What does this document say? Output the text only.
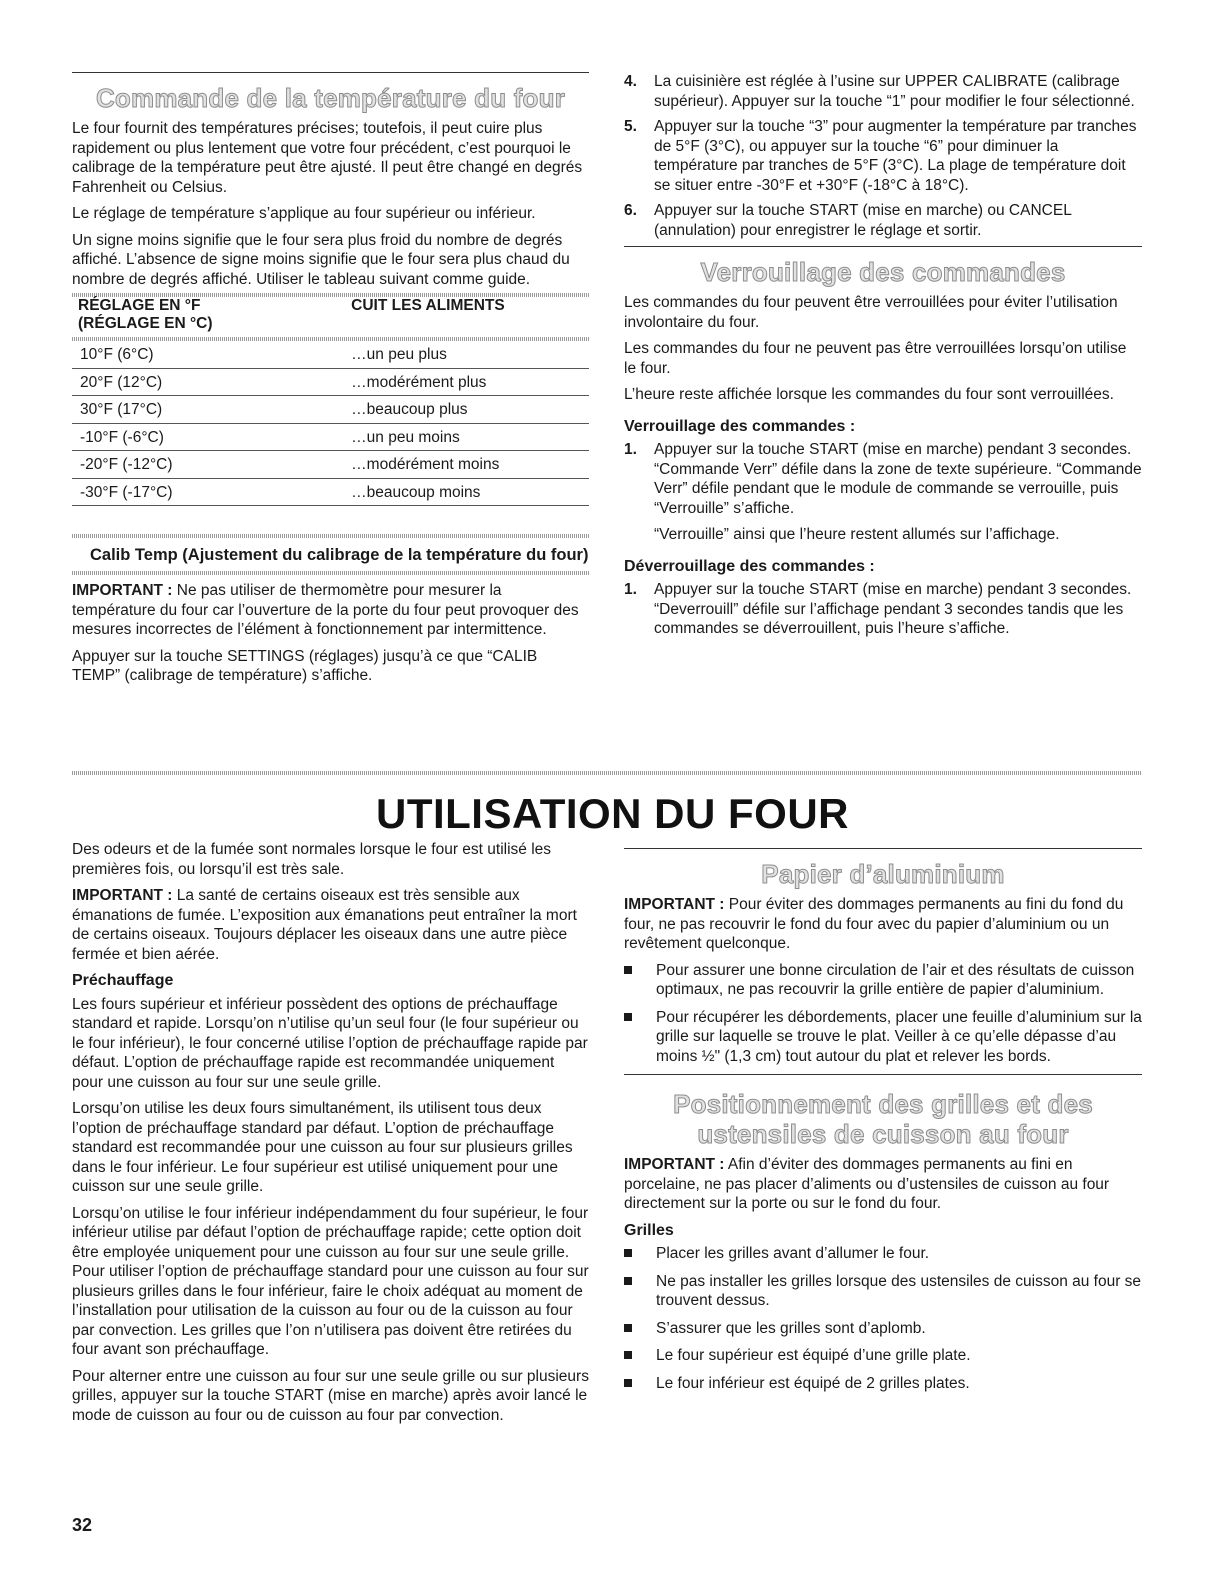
Commande de la température du four

Le four fournit des températures précises; toutefois, il peut cuire plus rapidement ou plus lentement que votre four précédent, c’est pourquoi le calibrage de la température peut être ajusté. Il peut être changé en degrés Fahrenheit ou Celsius.

Le réglage de température s’applique au four supérieur ou inférieur.

Un signe moins signifie que le four sera plus froid du nombre de degrés affiché. L’absence de signe moins signifie que le four sera plus chaud du nombre de degrés affiché. Utiliser le tableau suivant comme guide.

RÉGLAGE EN °F
(RÉGLAGE EN °C)	CUIT LES ALIMENTS
10°F (6°C)	…un peu plus
20°F (12°C)	…modérément plus
30°F (17°C)	…beaucoup plus
-10°F (-6°C)	…un peu moins
-20°F (-12°C)	…modérément moins
-30°F (-17°C)	…beaucoup moins
Calib Temp (Ajustement du calibrage de la température du four)

IMPORTANT : Ne pas utiliser de thermomètre pour mesurer la température du four car l’ouverture de la porte du four peut provoquer des mesures incorrectes de l’élément à fonctionnement par intermittence.

Appuyer sur la touche SETTINGS (réglages) jusqu’à ce que “CALIB TEMP” (calibrage de température) s’affiche.

4. La cuisinière est réglée à l’usine sur UPPER CALIBRATE (calibrage supérieur). Appuyer sur la touche “1” pour modifier le four sélectionné.
5. Appuyer sur la touche “3” pour augmenter la température par tranches de 5°F (3°C), ou appuyer sur la touche “6” pour diminuer la température par tranches de 5°F (3°C). La plage de température doit se situer entre -30°F et +30°F (-18°C à 18°C).
6. Appuyer sur la touche START (mise en marche) ou CANCEL (annulation) pour enregistrer le réglage et sortir.
Verrouillage des commandes

Les commandes du four peuvent être verrouillées pour éviter l’utilisation involontaire du four.

Les commandes du four ne peuvent pas être verrouillées lorsqu’on utilise le four.

L’heure reste affichée lorsque les commandes du four sont verrouillées.

Verrouillage des commandes :
1. Appuyer sur la touche START (mise en marche) pendant 3 secondes. “Commande Verr” défile dans la zone de texte supérieure. “Commande Verr” défile pendant que le module de commande se verrouille, puis “Verrouille” s’affiche.
“Verrouille” ainsi que l’heure restent allumés sur l’affichage.
Déverrouillage des commandes :
1. Appuyer sur la touche START (mise en marche) pendant 3 secondes.
“Deverrouill” défile sur l’affichage pendant 3 secondes tandis que les commandes se déverrouillent, puis l’heure s’affiche.
UTILISATION DU FOUR

Des odeurs et de la fumée sont normales lorsque le four est utilisé les premières fois, ou lorsqu’il est très sale.

IMPORTANT : La santé de certains oiseaux est très sensible aux émanations de fumée. L’exposition aux émanations peut entraîner la mort de certains oiseaux. Toujours déplacer les oiseaux dans une autre pièce fermée et bien aérée.

Préchauffage

Les fours supérieur et inférieur possèdent des options de préchauffage standard et rapide. Lorsqu’on n’utilise qu’un seul four (le four supérieur ou le four inférieur), le four concerné utilise l’option de préchauffage rapide par défaut. L’option de préchauffage rapide est recommandée uniquement pour une cuisson au four sur une seule grille.

Lorsqu’on utilise les deux fours simultanément, ils utilisent tous deux l’option de préchauffage standard par défaut. L’option de préchauffage standard est recommandée pour une cuisson au four sur plusieurs grilles dans le four inférieur. Le four supérieur est utilisé uniquement pour une cuisson sur une seule grille.

Lorsqu’on utilise le four inférieur indépendamment du four supérieur, le four inférieur utilise par défaut l’option de préchauffage rapide; cette option doit être employée uniquement pour une cuisson au four sur une seule grille. Pour utiliser l’option de préchauffage standard pour une cuisson au four sur plusieurs grilles dans le four inférieur, faire le choix adéquat au moment de l’installation pour utilisation de la cuisson au four ou de la cuisson au four par convection. Les grilles que l’on n’utilisera pas doivent être retirées du four avant son préchauffage.

Pour alterner entre une cuisson au four sur une seule grille ou sur plusieurs grilles, appuyer sur la touche START (mise en marche) après avoir lancé le mode de cuisson au four ou de cuisson au four par convection.

Papier d’aluminium

IMPORTANT : Pour éviter des dommages permanents au fini du fond du four, ne pas recouvrir le fond du four avec du papier d’aluminium ou un revêtement quelconque.

Pour assurer une bonne circulation de l’air et des résultats de cuisson optimaux, ne pas recouvrir la grille entière de papier d’aluminium.
Pour récupérer les débordements, placer une feuille d’aluminium sur la grille sur laquelle se trouve le plat. Veiller à ce qu’elle dépasse d’au moins ½" (1,3 cm) tout autour du plat et relever les bords.
Positionnement des grilles et des
ustensiles de cuisson au four

IMPORTANT : Afin d’éviter des dommages permanents au fini en porcelaine, ne pas placer d’aliments ou d’ustensiles de cuisson au four directement sur la porte ou sur le fond du four.

Grilles
Placer les grilles avant d’allumer le four.
Ne pas installer les grilles lorsque des ustensiles de cuisson au four se trouvent dessus.
S’assurer que les grilles sont d’aplomb.
Le four supérieur est équipé d’une grille plate.
Le four inférieur est équipé de 2 grilles plates.
32
